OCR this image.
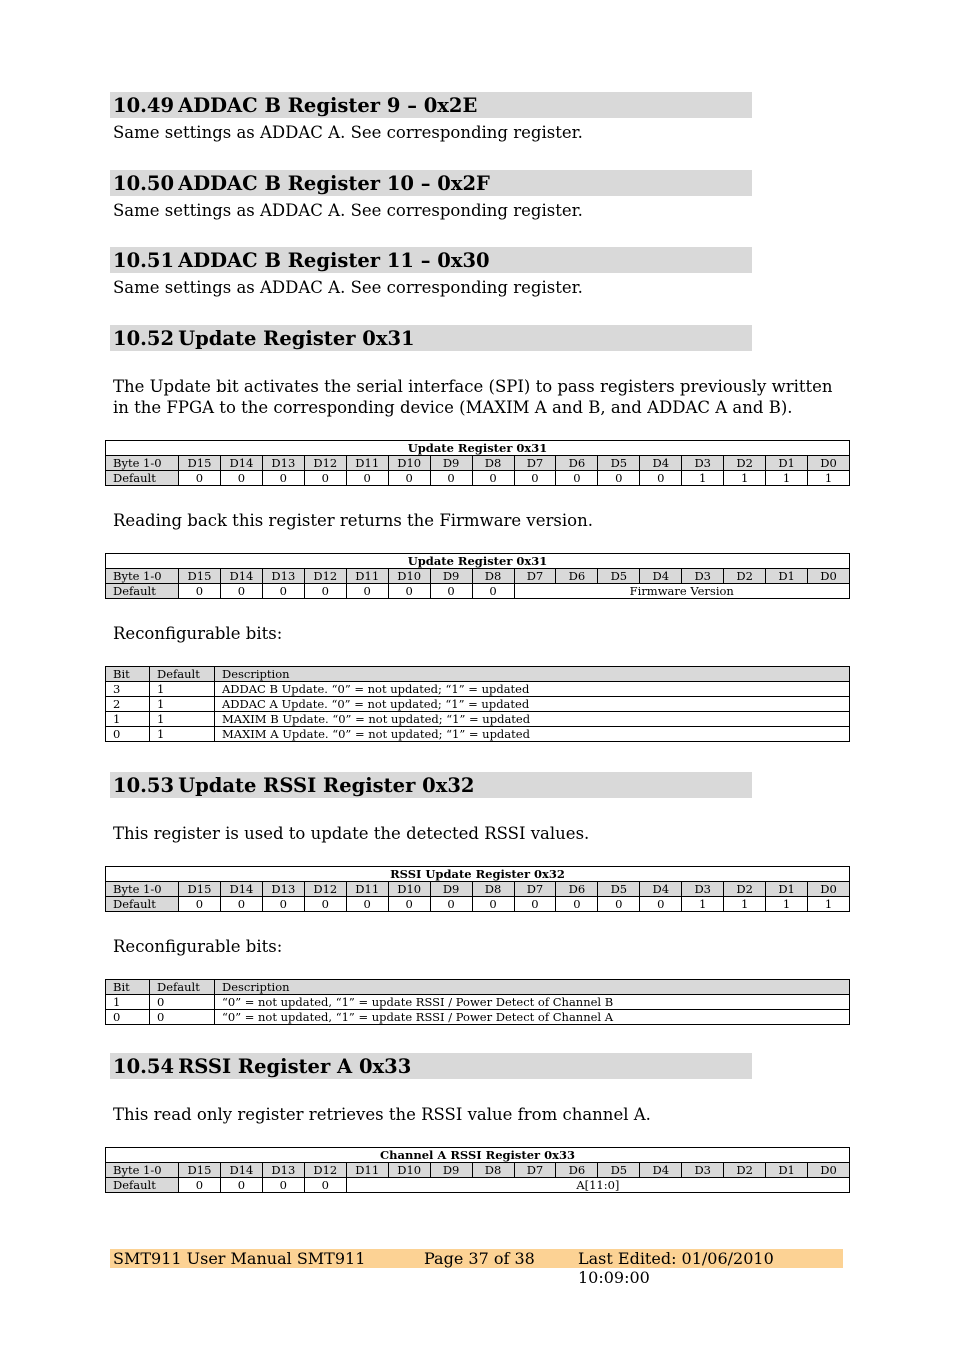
10.49 ADDAC B Register 9 – 0x2E
Same settings as ADDAC A. See corresponding register.
10.50 ADDAC B Register 10 – 0x2F
Same settings as ADDAC A. See corresponding register.
10.51 ADDAC B Register 11 – 0x30
Same settings as ADDAC A. See corresponding register.
10.52 Update Register 0x31
The Update bit activates the serial interface (SPI) to pass registers previously written in the FPGA to the corresponding device (MAXIM A and B, and ADDAC A and B).
Update Register 0x31																
Byte 1-0	D15	D14	D13	D12	D11	D10	D9	D8	D7	D6	D5	D4	D3	D2	D1	D0
Default	0	0	0	0	0	0	0	0	0	0	0	0	1	1	1	1
Reading back this register returns the Firmware version.
Update Register 0x31																
Byte 1-0	D15	D14	D13	D12	D11	D10	D9	D8	D7	D6	D5	D4	D3	D2	D1	D0
Default	0	0	0	0	0	0	0	0	Firmware Version							
Reconfigurable bits:
Bit	Default	Description
3	1	ADDAC B Update. “0” = not updated; “1” = updated
2	1	ADDAC A Update. “0” = not updated; “1” = updated
1	1	MAXIM B Update. “0” = not updated; “1” = updated
0	1	MAXIM A Update. “0” = not updated; “1” = updated
10.53 Update RSSI Register 0x32
This register is used to update the detected RSSI values.
RSSI Update Register 0x32																
Byte 1-0	D15	D14	D13	D12	D11	D10	D9	D8	D7	D6	D5	D4	D3	D2	D1	D0
Default	0	0	0	0	0	0	0	0	0	0	0	0	1	1	1	1
Reconfigurable bits:
Bit	Default	Description
1	0	“0” = not updated, “1” = update RSSI / Power Detect of Channel B
0	0	“0” = not updated, “1” = update RSSI / Power Detect of Channel A
10.54 RSSI Register A 0x33
This read only register retrieves the RSSI value from channel A.
Channel A RSSI Register 0x33																
Byte 1-0	D15	D14	D13	D12	D11	D10	D9	D8	D7	D6	D5	D4	D3	D2	D1	D0
Default	0	0	0	0	A[11:0]											
SMT911 User Manual SMT911	Page 37 of 38	Last Edited: 01/06/2010 10:09:00
